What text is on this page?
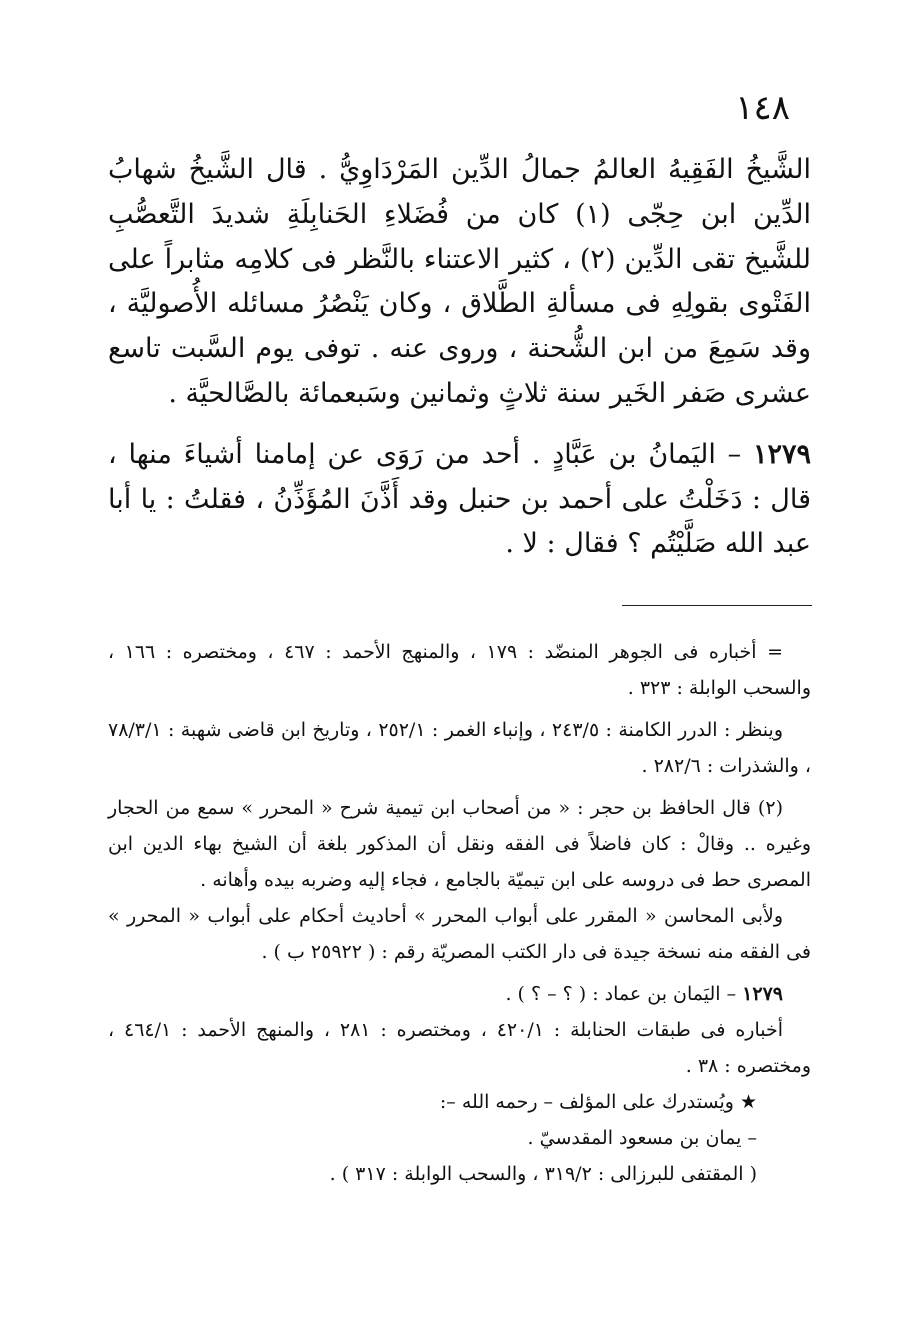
١٤٨

الشَّيخُ الفَقِيهُ العالمُ جمالُ الدِّين المَرْدَاوِيُّ . قال الشَّيخُ شهابُ الدِّين ابن حِجّى (١) كان من فُضَلاءِ الحَنابِلَةِ شديدَ التَّعصُّبِ للشَّيخ تقى الدِّين (٢) ، كثير الاعتناء بالنَّظر فى كلامِه مثابراً على الفَتْوى بقولِهِ فى مسألةِ الطَّلاق ، وكان يَنْصُرُ مسائله الأُصوليَّة ، وقد سَمِعَ من ابن الشُّحنة ، وروى عنه . توفى يوم السَّبت تاسع عشرى صَفر الخَير سنة ثلاثٍ وثمانين وسَبعمائة بالصَّالحيَّة .

١٢٧٩ – اليَمانُ بن عَبَّادٍ . أحد من رَوَى عن إمامنا أشياءَ منها ، قال : دَخَلْتُ على أحمد بن حنبل وقد أَذَّنَ المُؤَذِّنُ ، فقلتُ : يا أبا عبد الله صَلَّيْتُم ؟ فقال : لا .

= أخباره فى الجوهر المنضّد : ١٧٩ ، والمنهج الأحمد : ٤٦٧ ، ومختصره : ١٦٦ ، والسحب الوابلة : ٣٢٣ .

وينظر : الدرر الكامنة : ٢٤٣/٥ ، وإنباء الغمر : ٢٥٢/١ ، وتاريخ ابن قاضى شهبة : ٧٨/٣/١ ، والشذرات : ٢٨٢/٦ .

(٢) قال الحافظ بن حجر : « من أصحاب ابن تيمية شرح « المحرر » سمع من الحجار وغيره .. وقالْ : كان فاضلاً فى الفقه ونقل أن المذكور بلغة أن الشيخ بهاء الدين ابن المصرى حط فى دروسه على ابن تيميّة بالجامع ، فجاء إليه وضربه بيده وأهانه .

ولأبى المحاسن « المقرر على أبواب المحرر » أحاديث أحكام على أبواب « المحرر » فى الفقه منه نسخة جيدة فى دار الكتب المصريّة رقم : ( ٢٥٩٢٢ ب ) .

١٢٧٩ – اليَمان بن عماد : ( ؟ – ؟ ) .

أخباره فى طبقات الحنابلة : ٤٢٠/١ ، ومختصره : ٢٨١ ، والمنهج الأحمد : ٤٦٤/١ ، ومختصره : ٣٨ .

★ ويُستدرك على المؤلف – رحمه الله –:

– يمان بن مسعود المقدسيّ .

( المقتفى للبرزالى : ٣١٩/٢ ، والسحب الوابلة : ٣١٧ ) .
